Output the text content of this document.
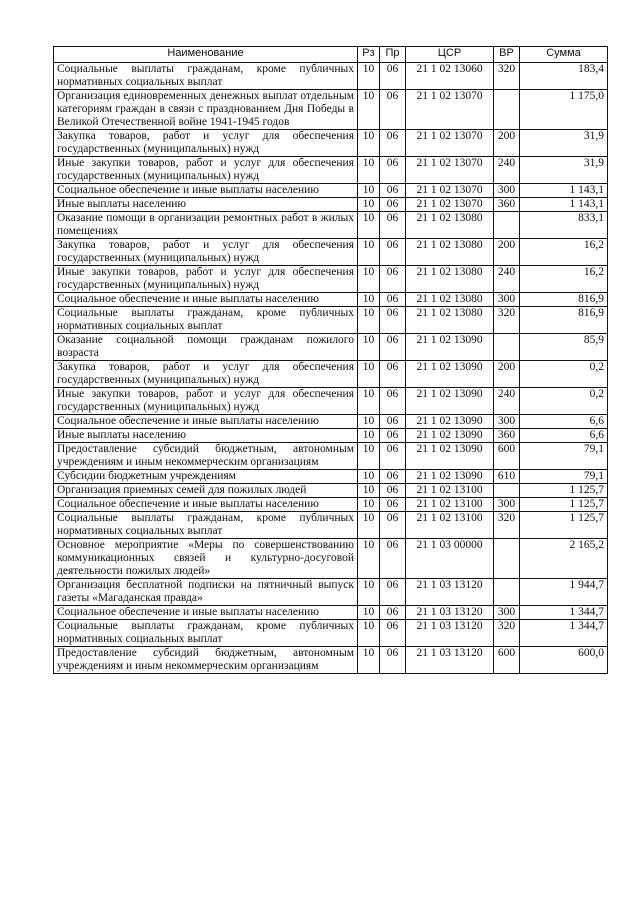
Наименование	Рз	Пр	ЦСР	ВР	Сумма
Социальные выплаты гражданам, кроме публичных нормативных социальных выплат	10	06	21 1 02 13060	320	183,4
Организация единовременных денежных выплат отдельным категориям граждан в связи с празднованием Дня Победы в Великой Отечественной войне 1941-1945 годов	10	06	21 1 02 13070		1 175,0
Закупка товаров, работ и услуг для обеспечения государственных (муниципальных) нужд	10	06	21 1 02 13070	200	31,9
Иные закупки товаров, работ и услуг для обеспечения государственных (муниципальных) нужд	10	06	21 1 02 13070	240	31,9
Социальное обеспечение и иные выплаты населению	10	06	21 1 02 13070	300	1 143,1
Иные выплаты населению	10	06	21 1 02 13070	360	1 143,1
Оказание помощи в организации ремонтных работ в жилых помещениях	10	06	21 1 02 13080		833,1
Закупка товаров, работ и услуг для обеспечения государственных (муниципальных) нужд	10	06	21 1 02 13080	200	16,2
Иные закупки товаров, работ и услуг для обеспечения государственных (муниципальных) нужд	10	06	21 1 02 13080	240	16,2
Социальное обеспечение и иные выплаты населению	10	06	21 1 02 13080	300	816,9
Социальные выплаты гражданам, кроме публичных нормативных социальных выплат	10	06	21 1 02 13080	320	816,9
Оказание социальной помощи гражданам пожилого возраста	10	06	21 1 02 13090		85,9
Закупка товаров, работ и услуг для обеспечения государственных (муниципальных) нужд	10	06	21 1 02 13090	200	0,2
Иные закупки товаров, работ и услуг для обеспечения государственных (муниципальных) нужд	10	06	21 1 02 13090	240	0,2
Социальное обеспечение и иные выплаты населению	10	06	21 1 02 13090	300	6,6
Иные выплаты населению	10	06	21 1 02 13090	360	6,6
Предоставление субсидий бюджетным, автономным учреждениям и иным некоммерческим организациям	10	06	21 1 02 13090	600	79,1
Субсидии бюджетным учреждениям	10	06	21 1 02 13090	610	79,1
Организация приемных семей для пожилых людей	10	06	21 1 02 13100		1 125,7
Социальное обеспечение и иные выплаты населению	10	06	21 1 02 13100	300	1 125,7
Социальные выплаты гражданам, кроме публичных нормативных социальных выплат	10	06	21 1 02 13100	320	1 125,7
Основное мероприятие «Меры по совершенствованию коммуникационных связей и культурно-досуговой деятельности пожилых людей»	10	06	21 1 03 00000		2 165,2
Организация бесплатной подписки на пятничный выпуск газеты «Магаданская правда»	10	06	21 1 03 13120		1 944,7
Социальное обеспечение и иные выплаты населению	10	06	21 1 03 13120	300	1 344,7
Социальные выплаты гражданам, кроме публичных нормативных социальных выплат	10	06	21 1 03 13120	320	1 344,7
Предоставление субсидий бюджетным, автономным учреждениям и иным некоммерческим организациям	10	06	21 1 03 13120	600	600,0
